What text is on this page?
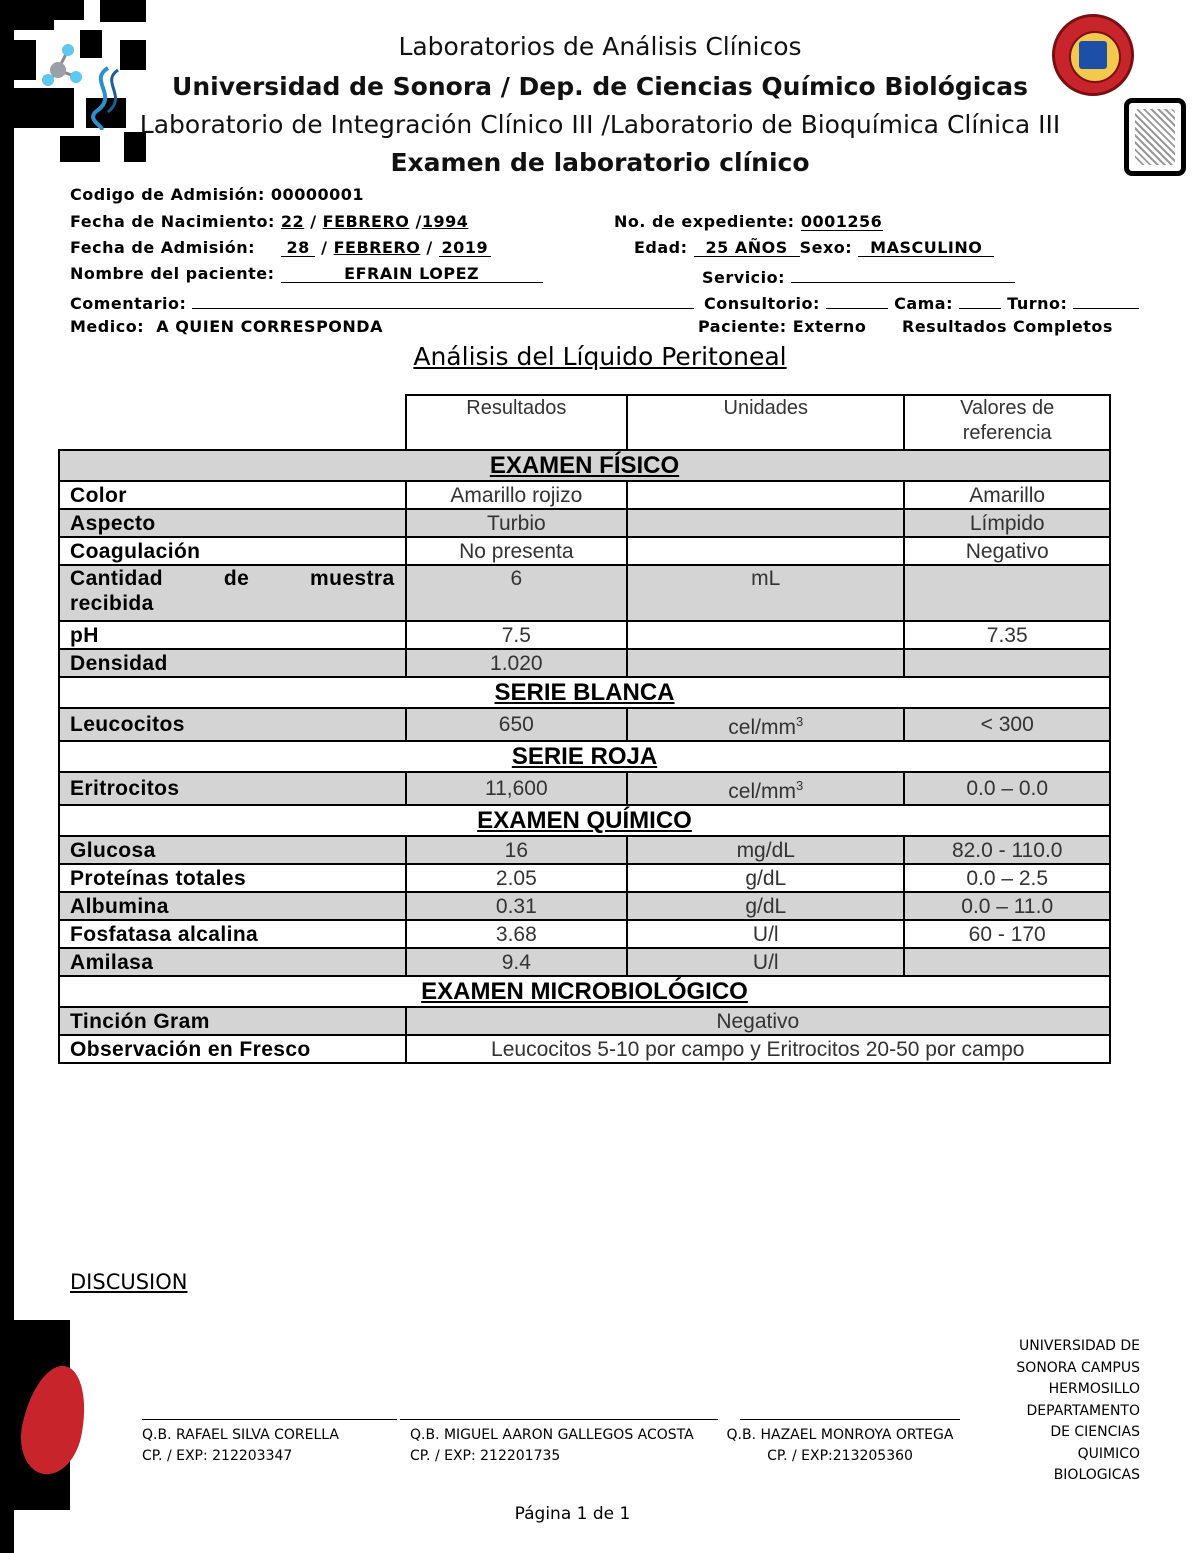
Laboratorios de Análisis Clínicos
Universidad de Sonora / Dep. de Ciencias Químico Biológicas
Laboratorio de Integración Clínico III /Laboratorio de Bioquímica Clínica III
Examen de laboratorio clínico
Codigo de Admisión: 00000001
Fecha de Nacimiento: 22 / FEBRERO /1994	No. de expediente: 0001256
Fecha de Admisión: 28 / FEBRERO / 2019	Edad: 25 AÑOS Sexo: MASCULINO
Nombre del paciente:	EFRAIN LOPEZ	Servicio:
Comentario:	Consultorio:	Cama:	Turno:
Medico: A QUIEN CORRESPONDA	Paciente: Externo Resultados Completos
Análisis del Líquido Peritoneal
	Resultados	Unidades	Valores de
referencia
EXAMEN FÍSICO			
Color	Amarillo rojizo		Amarillo
Aspecto	Turbio		Límpido
Coagulación	No presenta		Negativo

Cantidad de muestra
recibida	6	mL	
pH	7.5		7.35
Densidad	1.020		
SERIE BLANCA			
Leucocitos	650	cel/$mm^3$	< 300
SERIE ROJA			
Eritrocitos	11,600	cel/$mm^3$	0.0 – 0.0
EXAMEN QUÍMICO			
Glucosa	16	mg/dL	82.0 - 110.0
Proteínas totales	2.05	g/dL	0.0 – 2.5
Albumina	0.31	g/dL	0.0 – 11.0
Fosfatasa alcalina	3.68	U/l	60 - 170
Amilasa	9.4	U/l	
EXAMEN MICROBIOLÓGICO			
Tinción Gram	Negativo		
Observación en Fresco	Leucocitos 5-10 por campo y Eritrocitos 20-50 por campo		
DISCUSION
Q.B. RAFAEL SILVA CORELLA
CP. / EXP: 212203347
Q.B. MIGUEL AARON GALLEGOS ACOSTA
CP. / EXP: 212201735
Q.B. HAZAEL MONROYA ORTEGA
CP. / EXP:213205360
UNIVERSIDAD DE
SONORA CAMPUS
HERMOSILLO
DEPARTAMENTO
DE CIENCIAS
QUIMICO
BIOLOGICAS
Página 1 de 1
